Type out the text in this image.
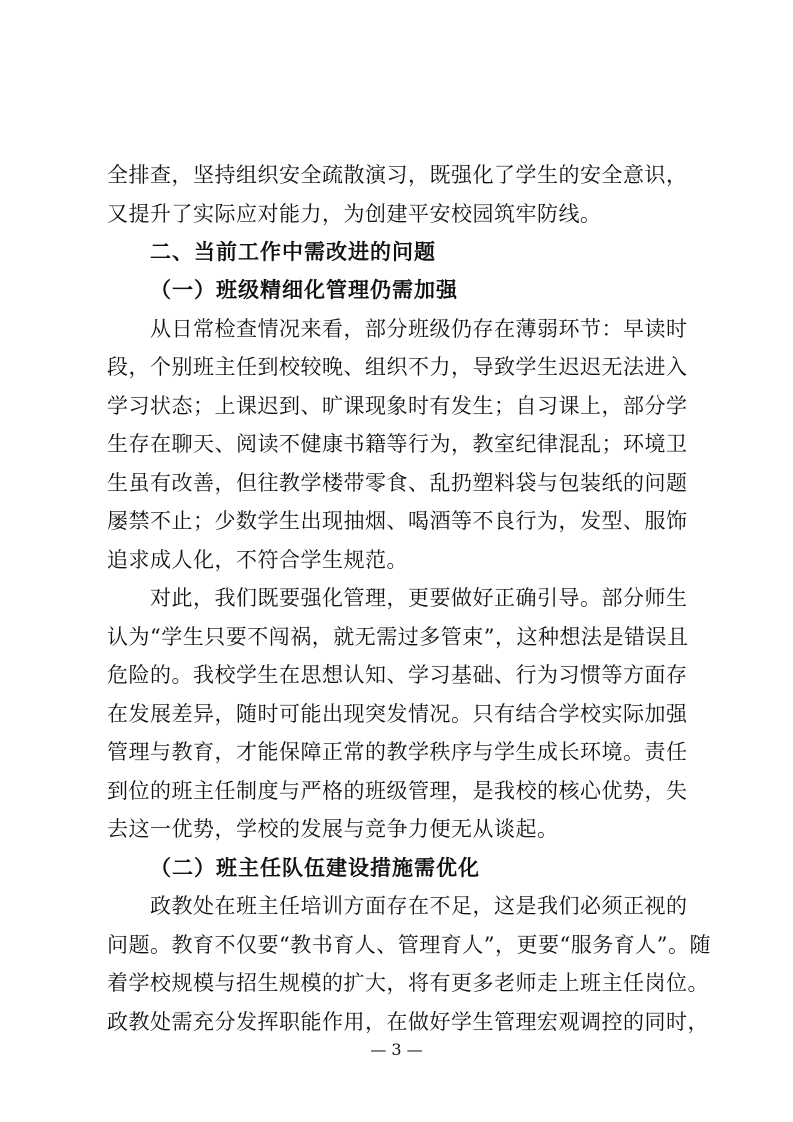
全排查，坚持组织安全疏散演习，既强化了学生的安全意识，
又提升了实际应对能力，为创建平安校园筑牢防线。
二、当前工作中需改进的问题
（一）班级精细化管理仍需加强
从日常检查情况来看，部分班级仍存在薄弱环节：早读时
段，个别班主任到校较晚、组织不力，导致学生迟迟无法进入
学习状态；上课迟到、旷课现象时有发生；自习课上，部分学
生存在聊天、阅读不健康书籍等行为，教室纪律混乱；环境卫
生虽有改善，但往教学楼带零食、乱扔塑料袋与包装纸的问题
屡禁不止；少数学生出现抽烟、喝酒等不良行为，发型、服饰
追求成人化，不符合学生规范。
对此，我们既要强化管理，更要做好正确引导。部分师生
认为“学生只要不闯祸，就无需过多管束”，这种想法是错误且
危险的。我校学生在思想认知、学习基础、行为习惯等方面存
在发展差异，随时可能出现突发情况。只有结合学校实际加强
管理与教育，才能保障正常的教学秩序与学生成长环境。责任
到位的班主任制度与严格的班级管理，是我校的核心优势，失
去这一优势，学校的发展与竞争力便无从谈起。
（二）班主任队伍建设措施需优化
政教处在班主任培训方面存在不足，这是我们必须正视的
问题。教育不仅要“教书育人、管理育人”，更要“服务育人”。随
着学校规模与招生规模的扩大，将有更多老师走上班主任岗位。
政教处需充分发挥职能作用，在做好学生管理宏观调控的同时，
— 3 —
